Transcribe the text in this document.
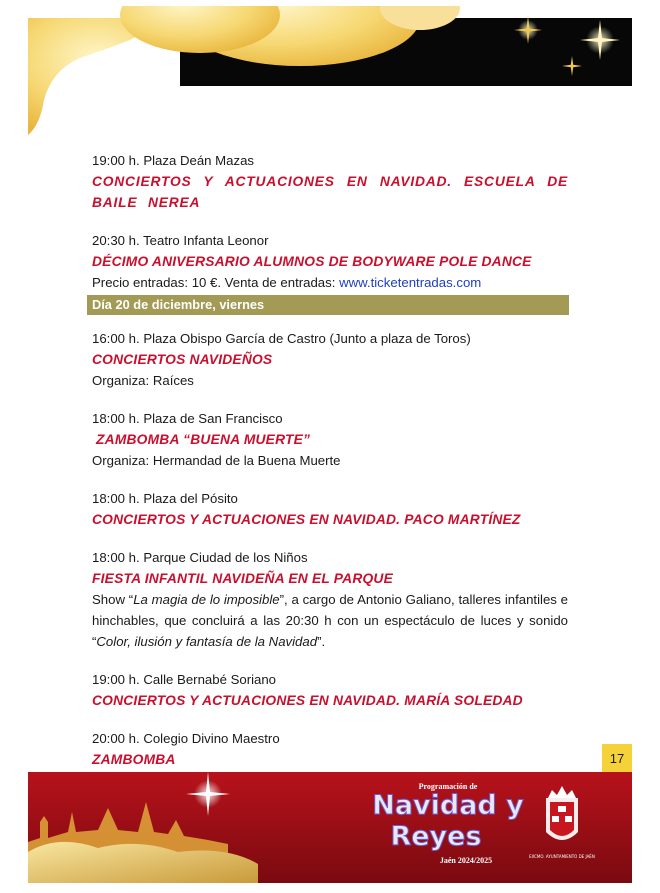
19:00 h. Plaza Deán Mazas
CONCIERTOS Y ACTUACIONES EN NAVIDAD. ESCUELA DE BAILE NEREA
20:30 h. Teatro Infanta Leonor
DÉCIMO ANIVERSARIO ALUMNOS DE BODYWARE POLE DANCE
Precio entradas: 10 €. Venta de entradas: www.ticketentradas.com
Día 20 de diciembre, viernes
16:00 h. Plaza Obispo García de Castro (Junto a plaza de Toros)
CONCIERTOS NAVIDEÑOS
Organiza: Raíces
18:00 h. Plaza de San Francisco
ZAMBOMBA “BUENA MUERTE”
Organiza: Hermandad de la Buena Muerte
18:00 h. Plaza del Pósito
CONCIERTOS Y ACTUACIONES EN NAVIDAD. PACO MARTÍNEZ
18:00 h. Parque Ciudad de los Niños
FIESTA INFANTIL NAVIDEÑA EN EL PARQUE
Show “La magia de lo imposible”, a cargo de Antonio Galiano, talleres infantiles e hinchables, que concluirá a las 20:30 h con un espectáculo de luces y sonido “Color, ilusión y fantasía de la Navidad”.
19:00 h. Calle Bernabé Soriano
CONCIERTOS Y ACTUACIONES EN NAVIDAD. MARÍA SOLEDAD
20:00 h. Colegio Divino Maestro
ZAMBOMBA	17
Programación de
Navidad y
Reyes
Jaén 2024/2025	EXCMO. AYUNTAMIENTO DE JAÉN
